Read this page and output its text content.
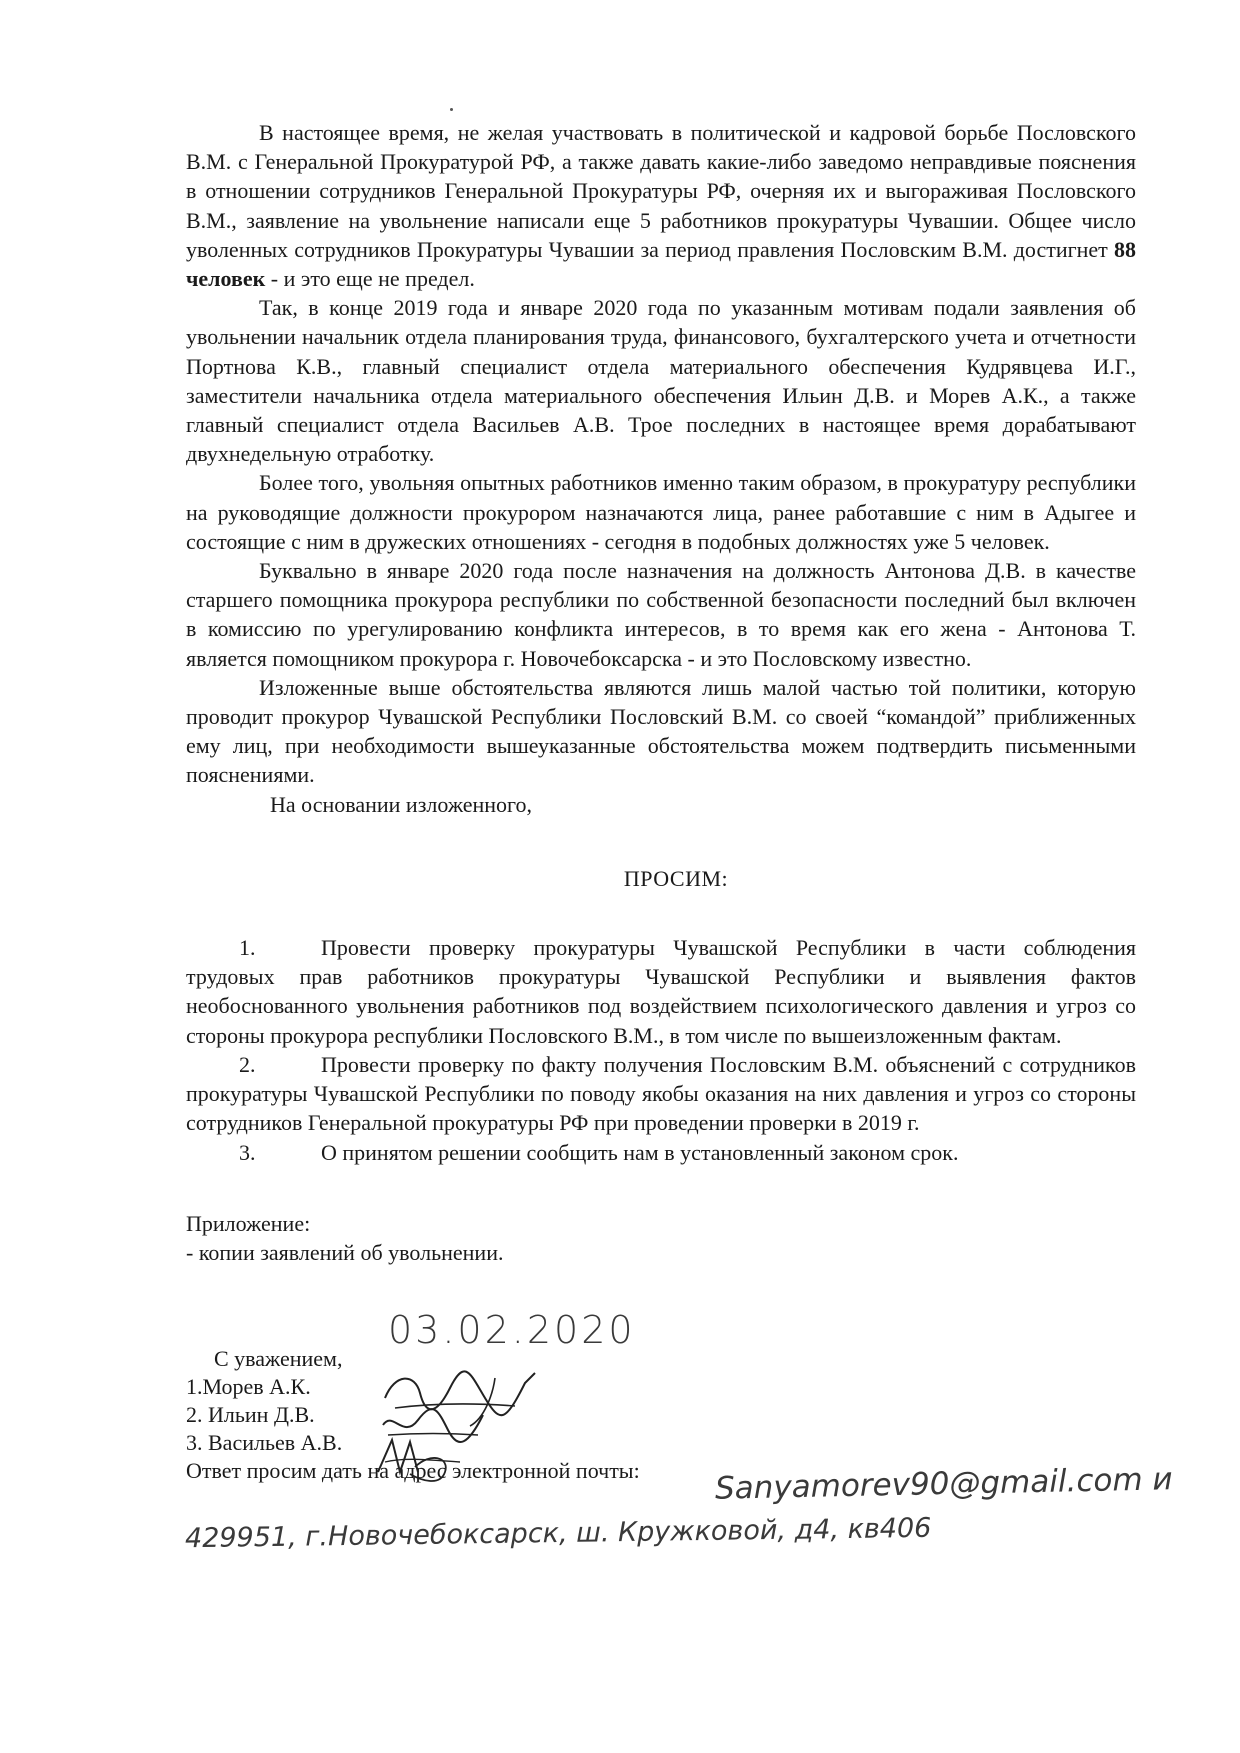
В настоящее время, не желая участвовать в политической и кадровой борьбе Пословского В.М. с Генеральной Прокуратурой РФ, а также давать какие-либо заведомо неправдивые пояснения в отношении сотрудников Генеральной Прокуратуры РФ, очерняя их и выгораживая Пословского В.М., заявление на увольнение написали еще 5 работников прокуратуры Чувашии. Общее число уволенных сотрудников Прокуратуры Чувашии за период правления Пословским В.М. достигнет 88 человек - и это еще не предел.

Так, в конце 2019 года и январе 2020 года по указанным мотивам подали заявления об увольнении начальник отдела планирования труда, финансового, бухгалтерского учета и отчетности Портнова К.В., главный специалист отдела материального обеспечения Кудрявцева И.Г., заместители начальника отдела материального обеспечения Ильин Д.В. и Морев А.К., а также главный специалист отдела Васильев А.В. Трое последних в настоящее время дорабатывают двухнедельную отработку.

Более того, увольняя опытных работников именно таким образом, в прокуратуру республики на руководящие должности прокурором назначаются лица, ранее работавшие с ним в Адыгее и состоящие с ним в дружеских отношениях - сегодня в подобных должностях уже 5 человек.

Буквально в январе 2020 года после назначения на должность Антонова Д.В. в качестве старшего помощника прокурора республики по собственной безопасности последний был включен в комиссию по урегулированию конфликта интересов, в то время как его жена - Антонова Т. является помощником прокурора г. Новочебоксарска - и это Пословскому известно.

Изложенные выше обстоятельства являются лишь малой частью той политики, которую проводит прокурор Чувашской Республики Пословский В.М. со своей “командой” приближенных ему лиц, при необходимости вышеуказанные обстоятельства можем подтвердить письменными пояснениями.

На основании изложенного,

ПРОСИМ:

1.	Провести проверку прокуратуры Чувашской Республики в части соблюдения трудовых прав работников прокуратуры Чувашской Республики и выявления фактов необоснованного увольнения работников под воздействием психологического давления и угроз со стороны прокурора республики Пословского В.М., в том числе по вышеизложенным фактам.

2.	Провести проверку по факту получения Пословским В.М. объяснений с сотрудников прокуратуры Чувашской Республики по поводу якобы оказания на них давления и угроз со стороны сотрудников Генеральной прокуратуры РФ при проведении проверки в 2019 г.

3.	О принятом решении сообщить нам в установленный законом срок.

Приложение:

- копии заявлений об увольнении.

03.02.2020
С уважением,
1.Морев А.К.
2. Ильин Д.В.
3. Васильев А.В.
Ответ просим дать на адрес электронной почты: Sanyamorev90@gmail.com и
429951, г.Новочебоксарск, ш. Кружковой, д4, кв406
